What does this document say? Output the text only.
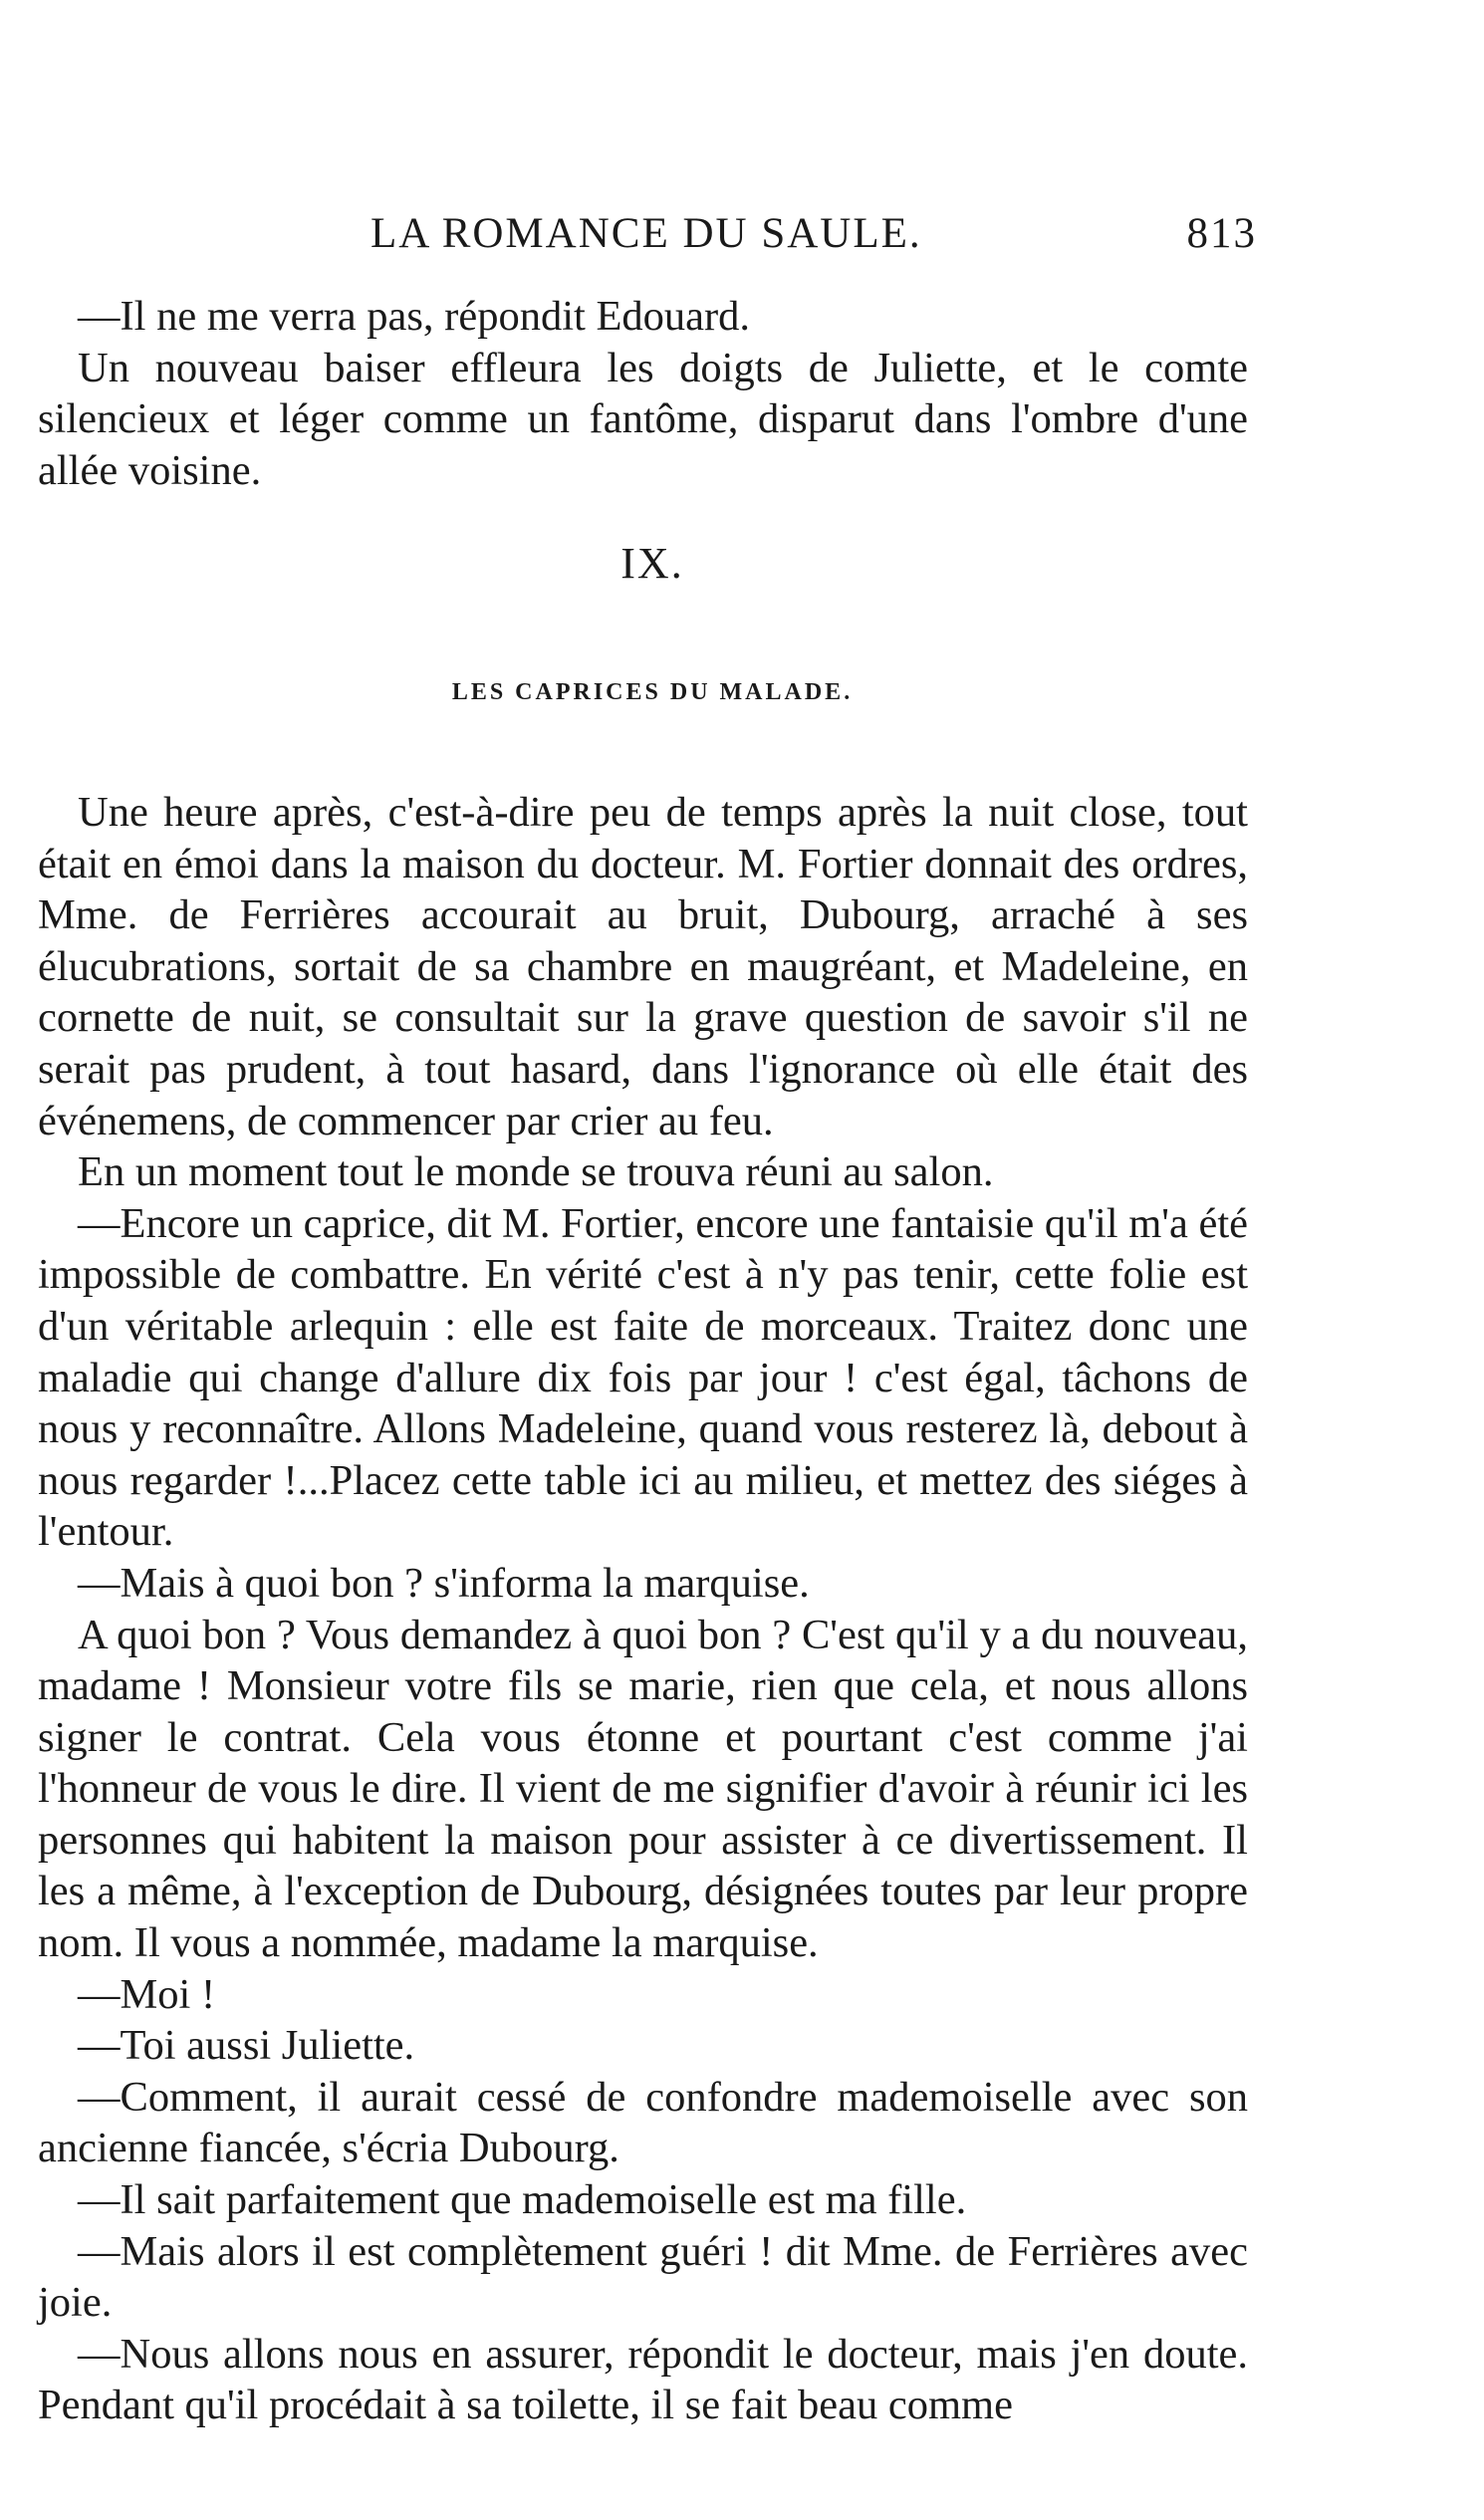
LA ROMANCE DU SAULE.	813

—Il ne me verra pas, répondit Edouard.

Un nouveau baiser effleura les doigts de Juliette, et le comte silencieux et léger comme un fantôme, disparut dans l'ombre d'une allée voisine.

IX.
LES CAPRICES DU MALADE.

Une heure après, c'est-à-dire peu de temps après la nuit close, tout était en émoi dans la maison du docteur. M. Fortier donnait des ordres, Mme. de Ferrières accourait au bruit, Dubourg, arraché à ses élucubrations, sortait de sa chambre en maugréant, et Madeleine, en cornette de nuit, se consultait sur la grave question de savoir s'il ne serait pas prudent, à tout hasard, dans l'ignorance où elle était des événemens, de commencer par crier au feu.

En un moment tout le monde se trouva réuni au salon.

—Encore un caprice, dit M. Fortier, encore une fantaisie qu'il m'a été impossible de combattre. En vérité c'est à n'y pas tenir, cette folie est d'un véritable arlequin : elle est faite de morceaux. Traitez donc une maladie qui change d'allure dix fois par jour ! c'est égal, tâchons de nous y reconnaître. Allons Madeleine, quand vous resterez là, debout à nous regarder !...Placez cette table ici au milieu, et mettez des siéges à l'entour.

—Mais à quoi bon ? s'informa la marquise.

A quoi bon ? Vous demandez à quoi bon ? C'est qu'il y a du nouveau, madame ! Monsieur votre fils se marie, rien que cela, et nous allons signer le contrat. Cela vous étonne et pourtant c'est comme j'ai l'honneur de vous le dire. Il vient de me signifier d'avoir à réunir ici les personnes qui habitent la maison pour assister à ce divertissement. Il les a même, à l'exception de Dubourg, désignées toutes par leur propre nom. Il vous a nommée, madame la marquise.

—Moi !

—Toi aussi Juliette.

—Comment, il aurait cessé de confondre mademoiselle avec son ancienne fiancée, s'écria Dubourg.

—Il sait parfaitement que mademoiselle est ma fille.

—Mais alors il est complètement guéri ! dit Mme. de Ferrières avec joie.

—Nous allons nous en assurer, répondit le docteur, mais j'en doute. Pendant qu'il procédait à sa toilette, il se fait beau comme
